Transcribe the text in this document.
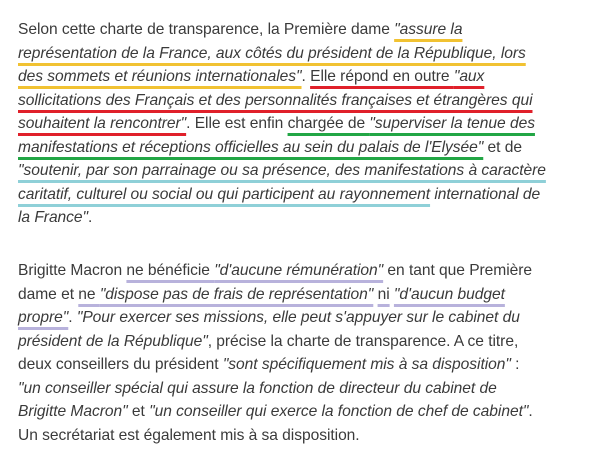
Selon cette charte de transparence, la Première dame "assure la
représentation de la France, aux côtés du président de la République, lors
des sommets et réunions internationales". Elle répond en outre "aux
sollicitations des Français et des personnalités françaises et étrangères qui
souhaitent la rencontrer". Elle est enfin chargée de "superviser la tenue des
manifestations et réceptions officielles au sein du palais de l'Elysée" et de
"soutenir, par son parrainage ou sa présence, des manifestations à caractère
caritatif, culturel ou social ou qui participent au rayonnement international de
la France".

Brigitte Macron ne bénéficie "d'aucune rémunération" en tant que Première
dame et ne "dispose pas de frais de représentation" ni "d'aucun budget
propre". "Pour exercer ses missions, elle peut s'appuyer sur le cabinet du
président de la République", précise la charte de transparence. A ce titre,
deux conseillers du président "sont spécifiquement mis à sa disposition" :
"un conseiller spécial qui assure la fonction de directeur du cabinet de
Brigitte Macron" et "un conseiller qui exerce la fonction de chef de cabinet".
Un secrétariat est également mis à sa disposition.
